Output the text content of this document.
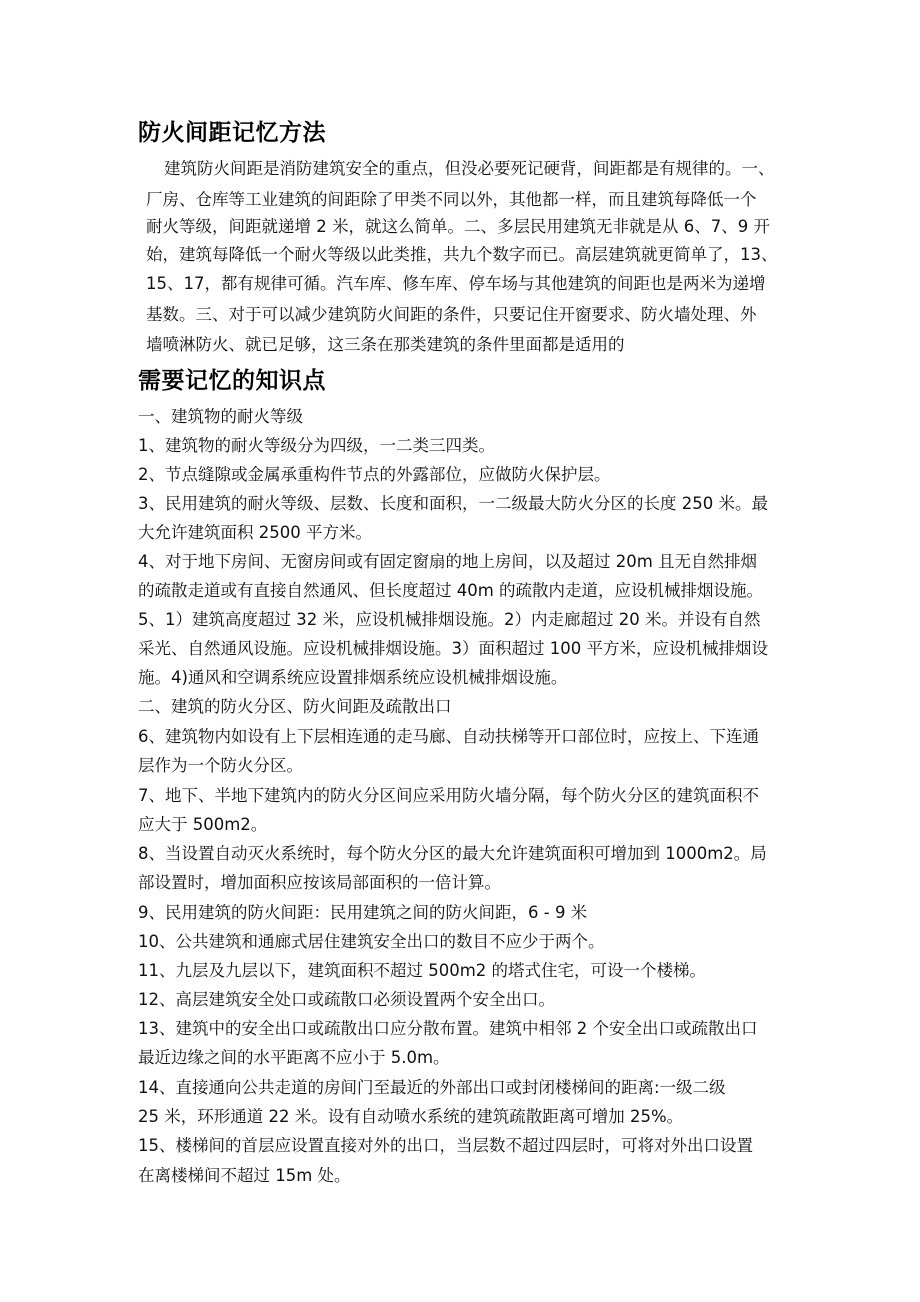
防火间距记忆方法
建筑防火间距是消防建筑安全的重点，但没必要死记硬背，间距都是有规律的。一、
厂房、仓库等工业建筑的间距除了甲类不同以外，其他都一样，而且建筑每降低一个
耐火等级，间距就递增 2 米，就这么简单。二、多层民用建筑无非就是从 6、7、9 开
始，建筑每降低一个耐火等级以此类推，共九个数字而已。高层建筑就更简单了，13、
15、17，都有规律可循。汽车库、修车库、停车场与其他建筑的间距也是两米为递增
基数。三、对于可以减少建筑防火间距的条件，只要记住开窗要求、防火墙处理、外
墙喷淋防火、就已足够，这三条在那类建筑的条件里面都是适用的
需要记忆的知识点
一、建筑物的耐火等级
1、建筑物的耐火等级分为四级，一二类三四类。
2、节点缝隙或金属承重构件节点的外露部位，应做防火保护层。
3、民用建筑的耐火等级、层数、长度和面积，一二级最大防火分区的长度 250 米。最
大允许建筑面积 2500 平方米。
4、对于地下房间、无窗房间或有固定窗扇的地上房间，以及超过 20m 且无自然排烟
的疏散走道或有直接自然通风、但长度超过 40m 的疏散内走道，应设机械排烟设施。
5、1）建筑高度超过 32 米，应设机械排烟设施。2）内走廊超过 20 米。并设有自然
采光、自然通风设施。应设机械排烟设施。3）面积超过 100 平方米，应设机械排烟设
施。4)通风和空调系统应设置排烟系统应设机械排烟设施。
二、建筑的防火分区、防火间距及疏散出口
6、建筑物内如设有上下层相连通的走马廊、自动扶梯等开口部位时，应按上、下连通
层作为一个防火分区。
7、地下、半地下建筑内的防火分区间应采用防火墙分隔，每个防火分区的建筑面积不
应大于 500m2。
8、当设置自动灭火系统时，每个防火分区的最大允许建筑面积可增加到 1000m2。局
部设置时，增加面积应按该局部面积的一倍计算。
9、民用建筑的防火间距：民用建筑之间的防火间距，6 - 9 米
10、公共建筑和通廊式居住建筑安全出口的数目不应少于两个。
11、九层及九层以下，建筑面积不超过 500m2 的塔式住宅，可设一个楼梯。
12、高层建筑安全处口或疏散口必须设置两个安全出口。
13、建筑中的安全出口或疏散出口应分散布置。建筑中相邻 2 个安全出口或疏散出口
最近边缘之间的水平距离不应小于 5.0m。
14、直接通向公共走道的房间门至最近的外部出口或封闭楼梯间的距离:一级二级
25 米，环形通道 22 米。设有自动喷水系统的建筑疏散距离可增加 25%。
15、楼梯间的首层应设置直接对外的出口，当层数不超过四层时，可将对外出口设置
在离楼梯间不超过 15m 处。
